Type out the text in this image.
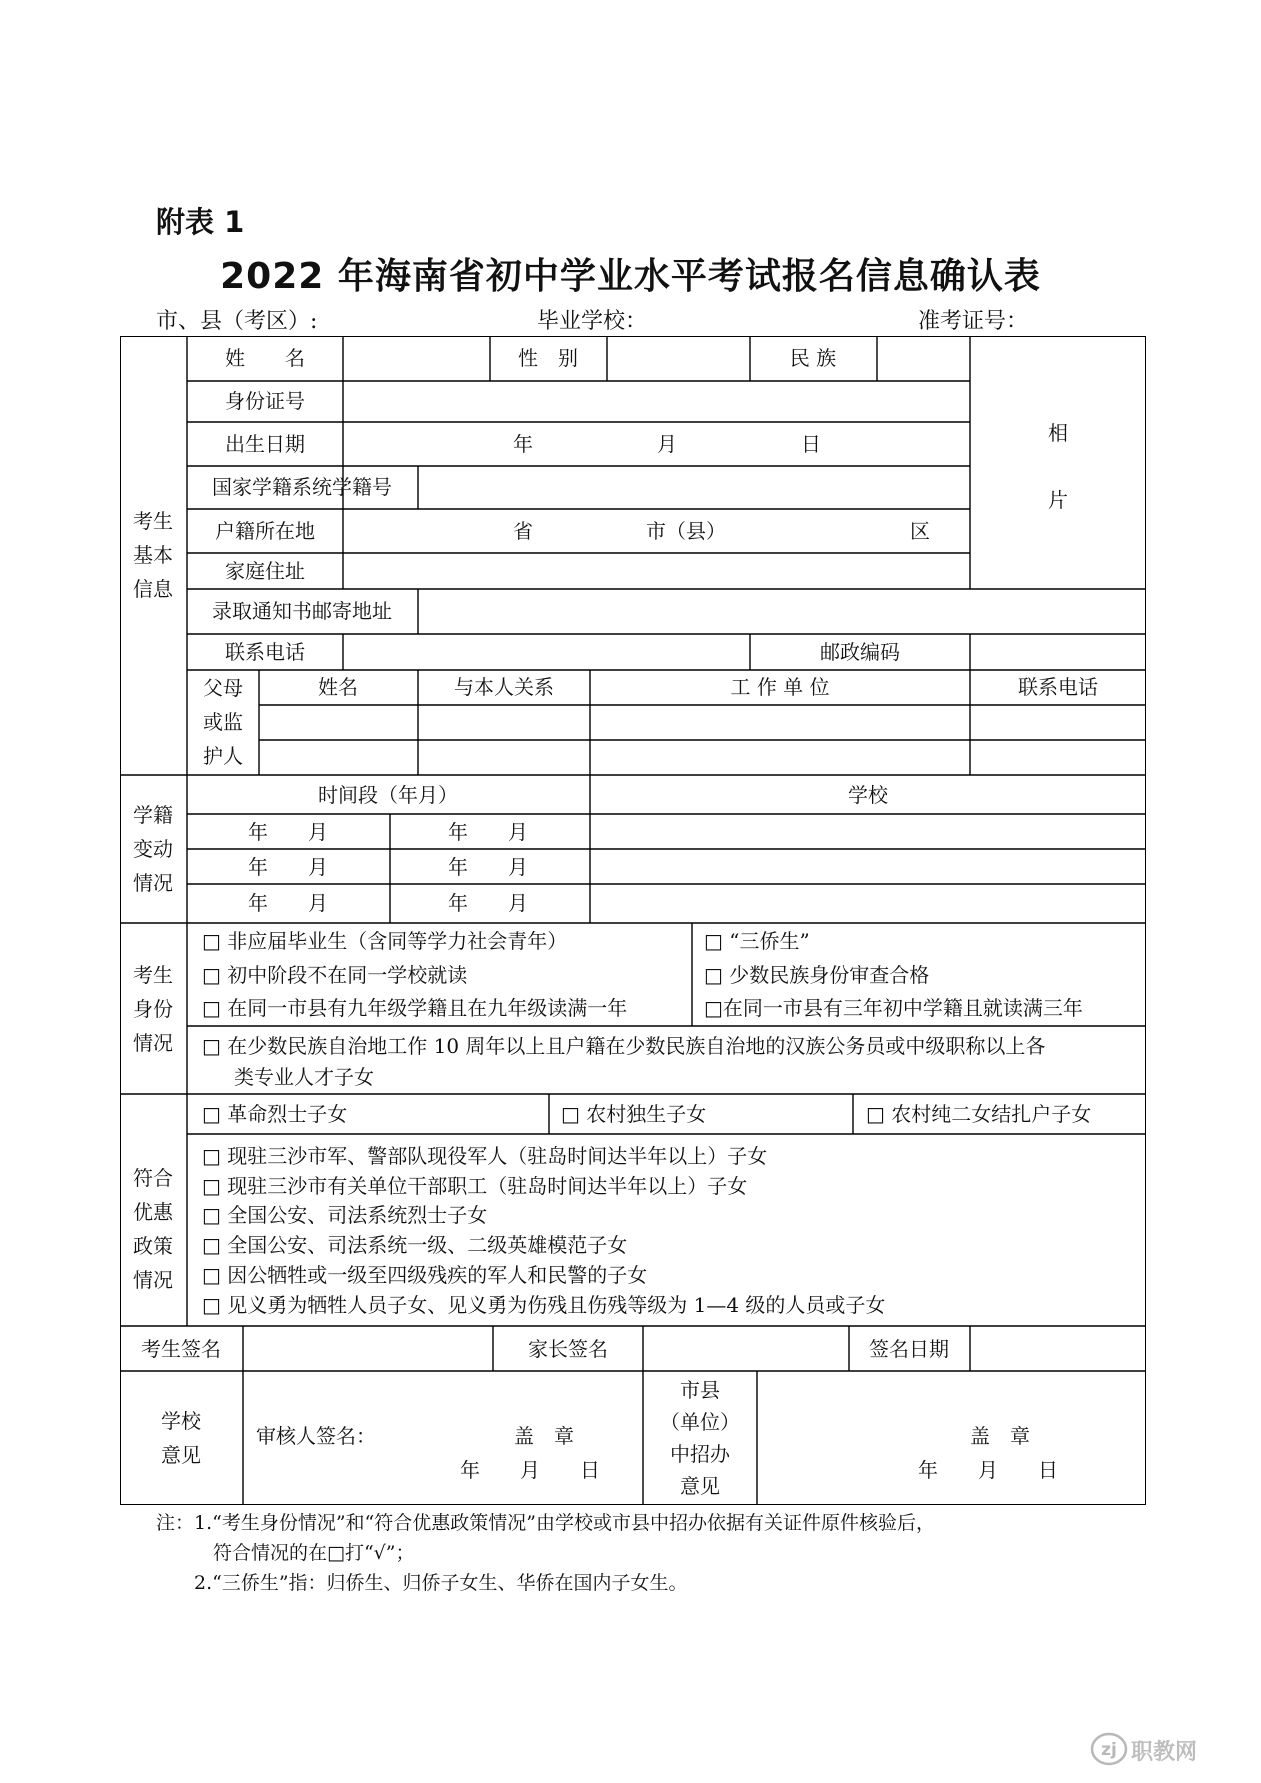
附表 1
2022 年海南省初中学业水平考试报名信息确认表
市、县（考区）:	毕业学校：	准考证号：
考生
基本
信息
姓　　名	性　别	民 族
相
片
身份证号
出生日期	年	月	日
国家学籍系统学籍号
户籍所在地	省	市（县）	区
家庭住址
录取通知书邮寄地址
联系电话	邮政编码
父母
或监
护人
姓名	与本人关系	工 作 单 位	联系电话
学籍
变动
情况
时间段（年月）	学校
年　　月	年　　月
年　　月	年　　月
年　　月	年　　月
考生
身份
情况
□ 非应届毕业生（含同等学力社会青年）
□ 初中阶段不在同一学校就读
□ 在同一市县有九年级学籍且在九年级读满一年
□ “三侨生”
□ 少数民族身份审查合格
□在同一市县有三年初中学籍且就读满三年
□ 在少数民族自治地工作 10 周年以上且户籍在少数民族自治地的汉族公务员或中级职称以上各
类专业人才子女
符合
优惠
政策
情况
□ 革命烈士子女	□ 农村独生子女	□ 农村纯二女结扎户子女
□ 现驻三沙市军、警部队现役军人（驻岛时间达半年以上）子女
□ 现驻三沙市有关单位干部职工（驻岛时间达半年以上）子女
□ 全国公安、司法系统烈士子女
□ 全国公安、司法系统一级、二级英雄模范子女
□ 因公牺牲或一级至四级残疾的军人和民警的子女
□ 见义勇为牺牲人员子女、见义勇为伤残且伤残等级为 1—4 级的人员或子女
考生签名	家长签名	签名日期
学校
意见
审核人签名：	盖　章
年　　月　　日
市县
（单位）
中招办
意见
盖　章
年　　月　　日
注：1.“考生身份情况”和“符合优惠政策情况”由学校或市县中招办依据有关证件原件核验后，
　　　符合情况的在□打“√”；
　　2.“三侨生”指：归侨生、归侨子女生、华侨在国内子女生。
zj 职教网
